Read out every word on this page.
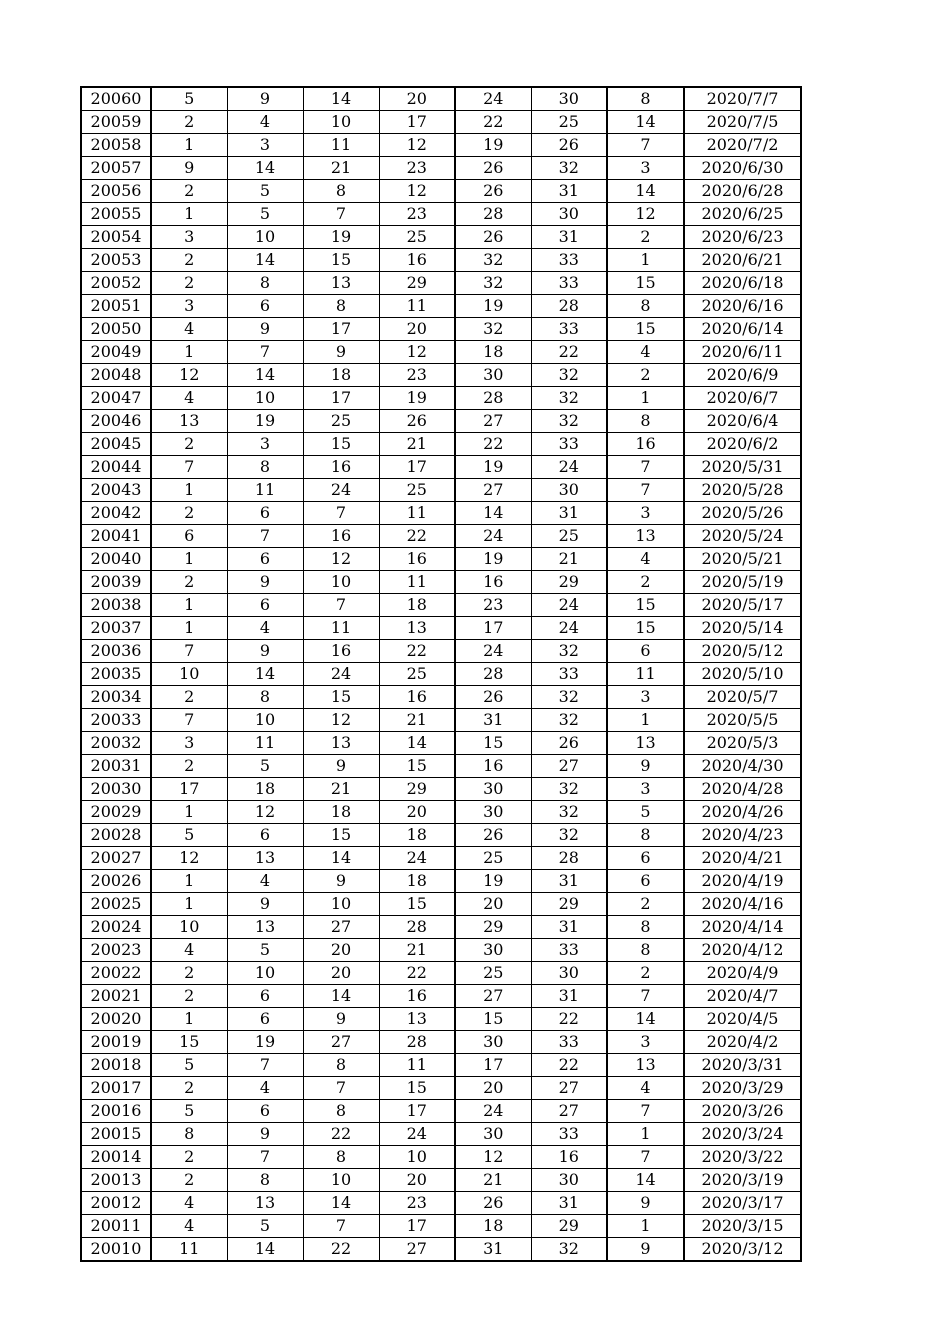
20060	5	9	14	20	24	30	8	2020/7/7
20059	2	4	10	17	22	25	14	2020/7/5
20058	1	3	11	12	19	26	7	2020/7/2
20057	9	14	21	23	26	32	3	2020/6/30
20056	2	5	8	12	26	31	14	2020/6/28
20055	1	5	7	23	28	30	12	2020/6/25
20054	3	10	19	25	26	31	2	2020/6/23
20053	2	14	15	16	32	33	1	2020/6/21
20052	2	8	13	29	32	33	15	2020/6/18
20051	3	6	8	11	19	28	8	2020/6/16
20050	4	9	17	20	32	33	15	2020/6/14
20049	1	7	9	12	18	22	4	2020/6/11
20048	12	14	18	23	30	32	2	2020/6/9
20047	4	10	17	19	28	32	1	2020/6/7
20046	13	19	25	26	27	32	8	2020/6/4
20045	2	3	15	21	22	33	16	2020/6/2
20044	7	8	16	17	19	24	7	2020/5/31
20043	1	11	24	25	27	30	7	2020/5/28
20042	2	6	7	11	14	31	3	2020/5/26
20041	6	7	16	22	24	25	13	2020/5/24
20040	1	6	12	16	19	21	4	2020/5/21
20039	2	9	10	11	16	29	2	2020/5/19
20038	1	6	7	18	23	24	15	2020/5/17
20037	1	4	11	13	17	24	15	2020/5/14
20036	7	9	16	22	24	32	6	2020/5/12
20035	10	14	24	25	28	33	11	2020/5/10
20034	2	8	15	16	26	32	3	2020/5/7
20033	7	10	12	21	31	32	1	2020/5/5
20032	3	11	13	14	15	26	13	2020/5/3
20031	2	5	9	15	16	27	9	2020/4/30
20030	17	18	21	29	30	32	3	2020/4/28
20029	1	12	18	20	30	32	5	2020/4/26
20028	5	6	15	18	26	32	8	2020/4/23
20027	12	13	14	24	25	28	6	2020/4/21
20026	1	4	9	18	19	31	6	2020/4/19
20025	1	9	10	15	20	29	2	2020/4/16
20024	10	13	27	28	29	31	8	2020/4/14
20023	4	5	20	21	30	33	8	2020/4/12
20022	2	10	20	22	25	30	2	2020/4/9
20021	2	6	14	16	27	31	7	2020/4/7
20020	1	6	9	13	15	22	14	2020/4/5
20019	15	19	27	28	30	33	3	2020/4/2
20018	5	7	8	11	17	22	13	2020/3/31
20017	2	4	7	15	20	27	4	2020/3/29
20016	5	6	8	17	24	27	7	2020/3/26
20015	8	9	22	24	30	33	1	2020/3/24
20014	2	7	8	10	12	16	7	2020/3/22
20013	2	8	10	20	21	30	14	2020/3/19
20012	4	13	14	23	26	31	9	2020/3/17
20011	4	5	7	17	18	29	1	2020/3/15
20010	11	14	22	27	31	32	9	2020/3/12
